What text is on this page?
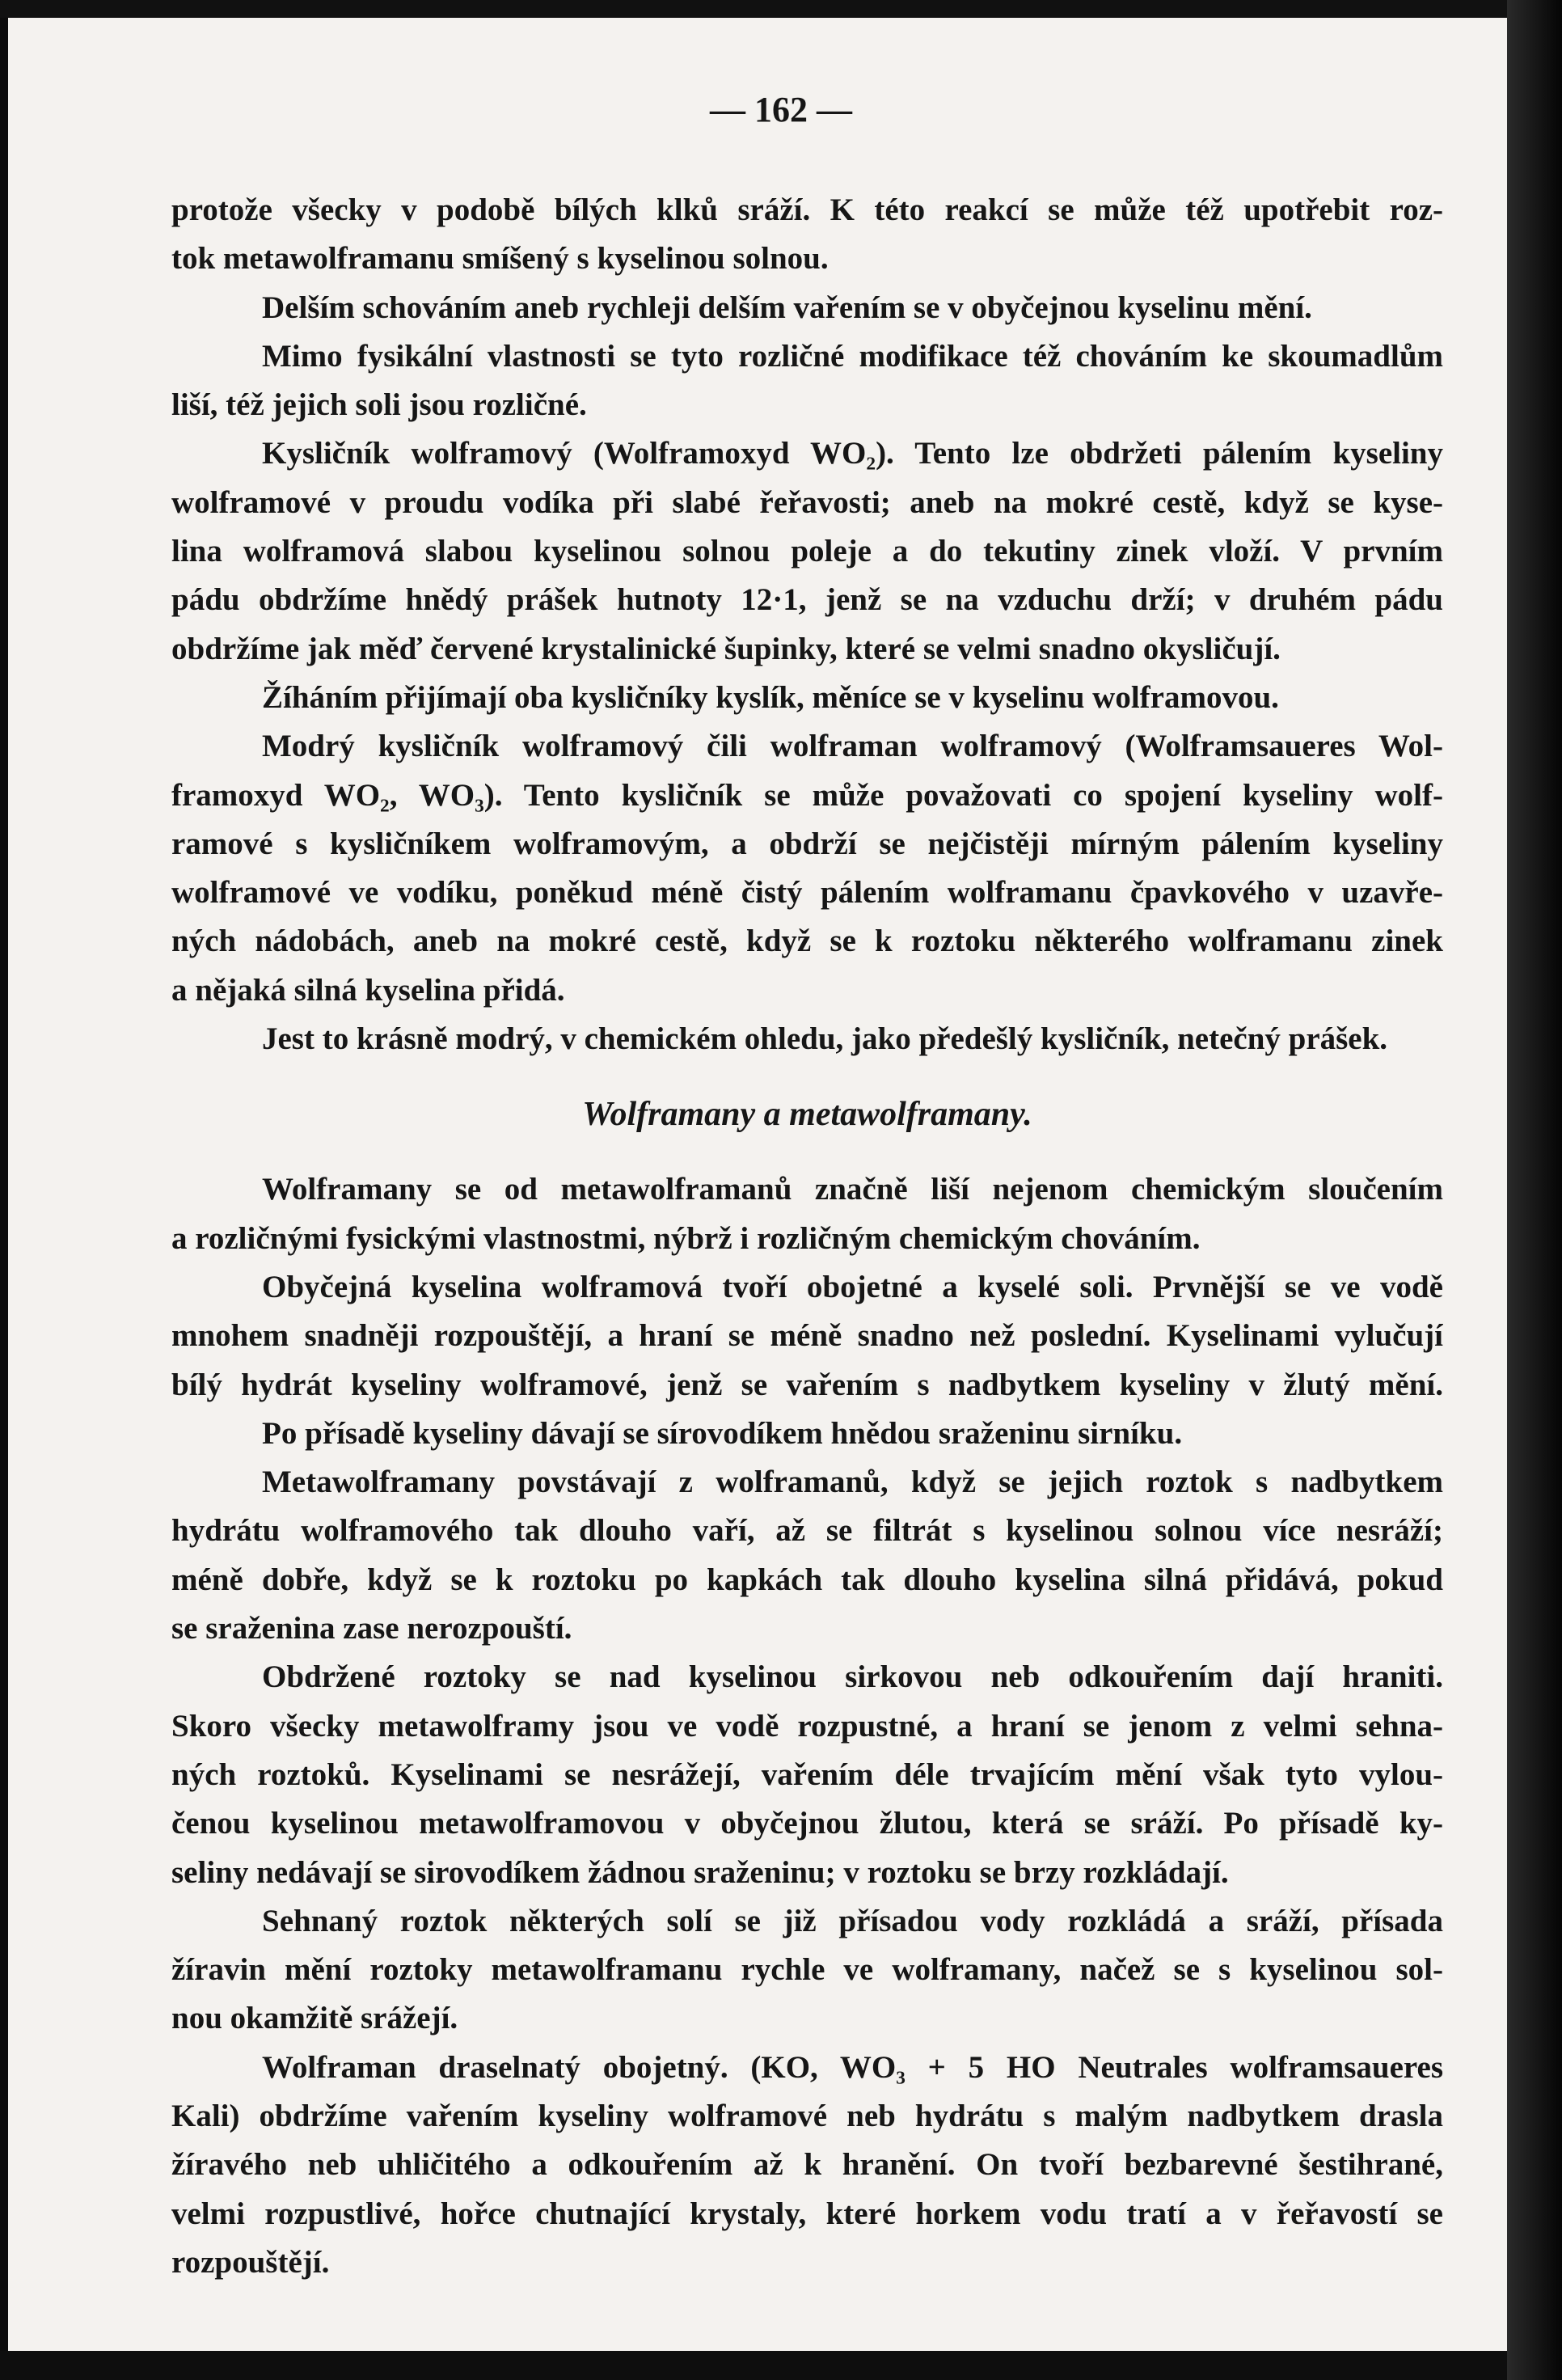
— 162 —
protože všecky v podobě bílých klků sráží. K této reakcí se může též upotřebit roz-
tok metawolframanu smíšený s kyselinou solnou.
Delším schováním aneb rychleji delším vařením se v obyčejnou kyselinu mění.
Mimo fysikální vlastnosti se tyto rozličné modifikace též chováním ke skoumadlům
liší, též jejich soli jsou rozličné.
Kysličník wolframový (Wolframoxyd WO₂). Tento lze obdržeti pálením kyseliny
wolframové v proudu vodíka při slabé řeřavosti; aneb na mokré cestě, když se kyse-
lina wolframová slabou kyselinou solnou poleje a do tekutiny zinek vloží. V prvním
pádu obdržíme hnědý prášek hutnoty 12·1, jenž se na vzduchu drží; v druhém pádu
obdržíme jak měď červené krystalinické šupinky, které se velmi snadno okysličují.
Žíháním přijímají oba kysličníky kyslík, měníce se v kyselinu wolframovou.
Modrý kysličník wolframový čili wolframan wolframový (Wolframsaueres Wol-
framoxyd WO₂, WO₃). Tento kysličník se může považovati co spojení kyseliny wolf-
ramové s kysličníkem wolframovým, a obdrží se nejčistěji mírným pálením kyseliny
wolframové ve vodíku, poněkud méně čistý pálením wolframanu čpavkového v uzavře-
ných nádobách, aneb na mokré cestě, když se k roztoku některého wolframanu zinek
a nějaká silná kyselina přidá.
Jest to krásně modrý, v chemickém ohledu, jako předešlý kysličník, netečný prášek.
Wolframany a metawolframany.
Wolframany se od metawolframanů značně liší nejenom chemickým sloučením
a rozličnými fysickými vlastnostmi, nýbrž i rozličným chemickým chováním.
Obyčejná kyselina wolframová tvoří obojetné a kyselé soli. Prvnější se ve vodě
mnohem snadněji rozpouštějí, a hraní se méně snadno než poslední. Kyselinami vylučují
bílý hydrát kyseliny wolframové, jenž se vařením s nadbytkem kyseliny v žlutý mění.
Po přísadě kyseliny dávají se sírovodíkem hnědou sraženinu sirníku.
Metawolframany povstávají z wolframanů, když se jejich roztok s nadbytkem
hydrátu wolframového tak dlouho vaří, až se filtrát s kyselinou solnou více nesráží;
méně dobře, když se k roztoku po kapkách tak dlouho kyselina silná přidává, pokud
se sraženina zase nerozpouští.
Obdržené roztoky se nad kyselinou sirkovou neb odkouřením dají hraniti.
Skoro všecky metawolframy jsou ve vodě rozpustné, a hraní se jenom z velmi sehna-
ných roztoků. Kyselinami se nesrážejí, vařením déle trvajícím mění však tyto vylou-
čenou kyselinou metawolframovou v obyčejnou žlutou, která se sráží. Po přísadě ky-
seliny nedávají se sirovodíkem žádnou sraženinu; v roztoku se brzy rozkládají.
Sehnaný roztok některých solí se již přísadou vody rozkládá a sráží, přísada
žíravin mění roztoky metawolframanu rychle ve wolframany, načež se s kyselinou sol-
nou okamžitě srážejí.
Wolframan draselnatý obojetný. (KO, WO₃ + 5 HO Neutrales wolframsaueres
Kali) obdržíme vařením kyseliny wolframové neb hydrátu s malým nadbytkem drasla
žíravého neb uhličitého a odkouřením až k hranění. On tvoří bezbarevné šestihrané,
velmi rozpustlivé, hořce chutnající krystaly, které horkem vodu tratí a v řeřavostí se
rozpouštějí.
